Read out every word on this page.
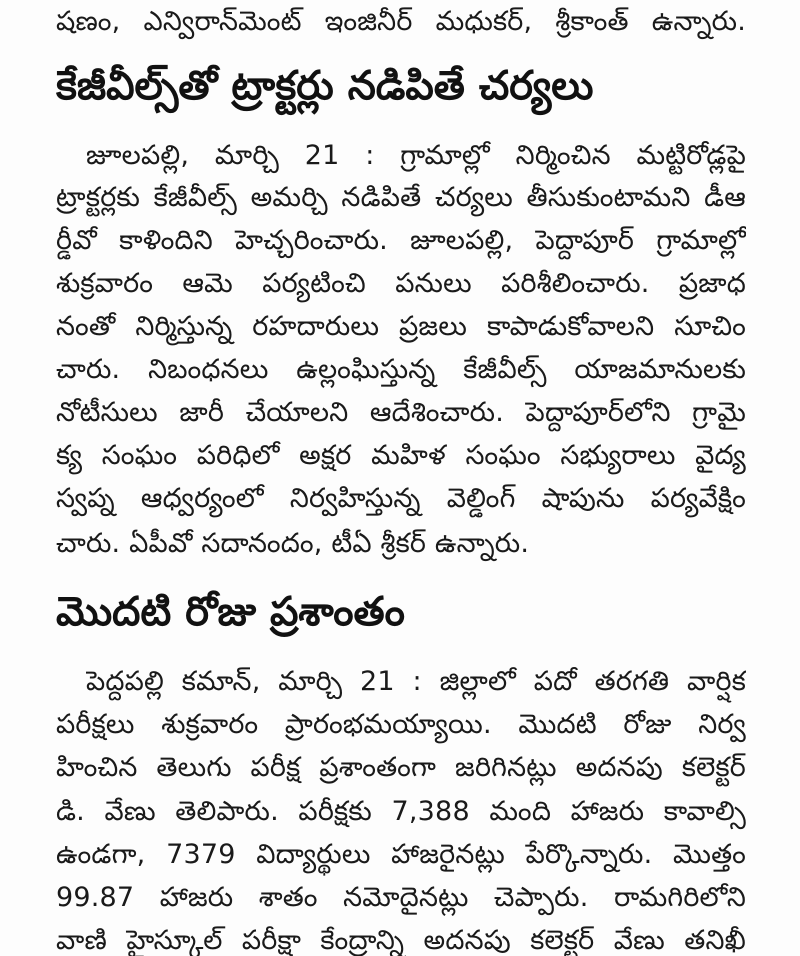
షణం, ఎన్విరాన్‌మెంట్ ఇంజినీర్ మధుకర్, శ్రీకాంత్ ఉన్నారు.
కేజీవీల్స్‌తో ట్రాక్టర్లు నడిపితే చర్యలు
జూలపల్లి, మార్చి 21 : గ్రామాల్లో నిర్మించిన మట్టిరోడ్లపై
ట్రాక్టర్లకు కేజీవీల్స్ అమర్చి నడిపితే చర్యలు తీసుకుంటామని డీఆ
ర్డీవో కాళిందిని హెచ్చరించారు. జూలపల్లి, పెద్దాపూర్ గ్రామాల్లో
శుక్రవారం ఆమె పర్యటించి పనులు పరిశీలించారు. ప్రజాధ
నంతో నిర్మిస్తున్న రహదారులు ప్రజలు కాపాడుకోవాలని సూచిం
చారు. నిబంధనలు ఉల్లంఘిస్తున్న కేజీవీల్స్ యాజమానులకు
నోటీసులు జారీ చేయాలని ఆదేశించారు. పెద్దాపూర్‌లోని గ్రామై
క్య సంఘం పరిధిలో అక్షర మహిళ సంఘం సభ్యురాలు వైద్య
స్వప్న ఆధ్వర్యంలో నిర్వహిస్తున్న వెల్డింగ్ షాపును పర్యవేక్షిం
చారు. ఏపీవో సదానందం, టీఏ శ్రీకర్ ఉన్నారు.
మొదటి రోజు ప్రశాంతం
పెద్దపల్లి కమాన్, మార్చి 21 : జిల్లాలో పదో తరగతి వార్షిక
పరీక్షలు శుక్రవారం ప్రారంభమయ్యాయి. మొదటి రోజు నిర్వ
హించిన తెలుగు పరీక్ష ప్రశాంతంగా జరిగినట్లు అదనపు కలెక్టర్
డి. వేణు తెలిపారు. పరీక్షకు 7,388 మంది హాజరు కావాల్సి
ఉండగా, 7379 విద్యార్థులు హాజరైనట్లు పేర్కొన్నారు. మొత్తం
99.87 హాజరు శాతం నమోదైనట్లు చెప్పారు. రామగిరిలోని
వాణి హైస్కూల్ పరీక్షా కేంద్రాన్ని అదనపు కలెక్టర్ వేణు తనిఖీ
